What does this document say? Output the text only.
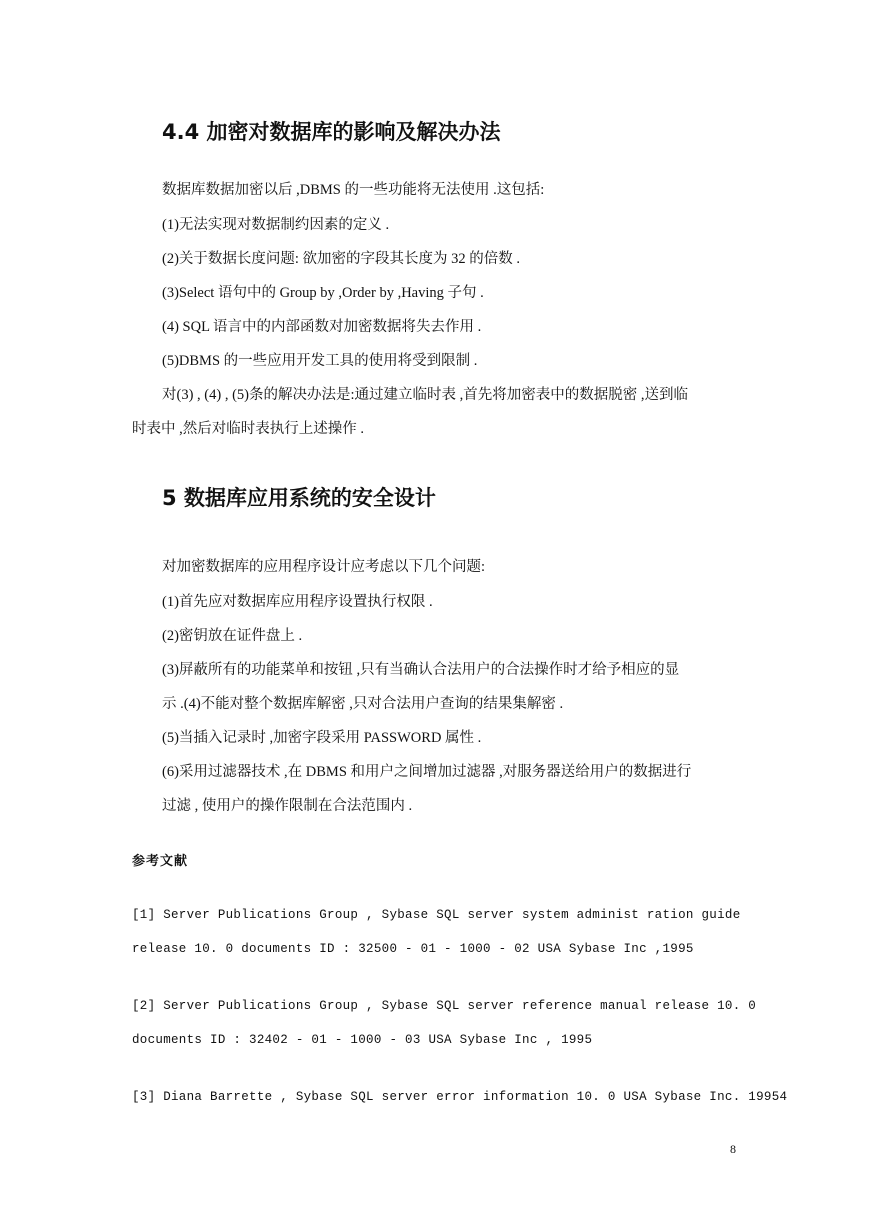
4.4 加密对数据库的影响及解决办法

数据库数据加密以后 ,DBMS 的一些功能将无法使用 .这包括:

(1)无法实现对数据制约因素的定义 .

(2)关于数据长度问题: 欲加密的字段其长度为 32 的倍数 .

(3)Select 语句中的 Group by ,Order by ,Having 子句 .

(4) SQL 语言中的内部函数对加密数据将失去作用 .

(5)DBMS 的一些应用开发工具的使用将受到限制 .

对(3) , (4) , (5)条的解决办法是:通过建立临时表 ,首先将加密表中的数据脱密 ,送到临

时表中 ,然后对临时表执行上述操作 .

5 数据库应用系统的安全设计

对加密数据库的应用程序设计应考虑以下几个问题:

(1)首先应对数据库应用程序设置执行权限 .

(2)密钥放在证件盘上 .

(3)屏蔽所有的功能菜单和按钮 ,只有当确认合法用户的合法操作时才给予相应的显

示 .(4)不能对整个数据库解密 ,只对合法用户查询的结果集解密 .

(5)当插入记录时 ,加密字段采用 PASSWORD 属性 .

(6)采用过滤器技术 ,在 DBMS 和用户之间增加过滤器 ,对服务器送给用户的数据进行

过滤 , 使用户的操作限制在合法范围内 .

参考文献

[1] Server Publications Group , Sybase SQL server system administ ration guide

release 10. 0 documents ID : 32500 - 01 - 1000 - 02 USA Sybase Inc ,1995

[2] Server Publications Group , Sybase SQL server reference manual release 10. 0

documents ID : 32402 - 01 - 1000 - 03 USA Sybase Inc , 1995

[3] Diana Barrette , Sybase SQL server error information 10. 0 USA Sybase Inc. 19954

8
